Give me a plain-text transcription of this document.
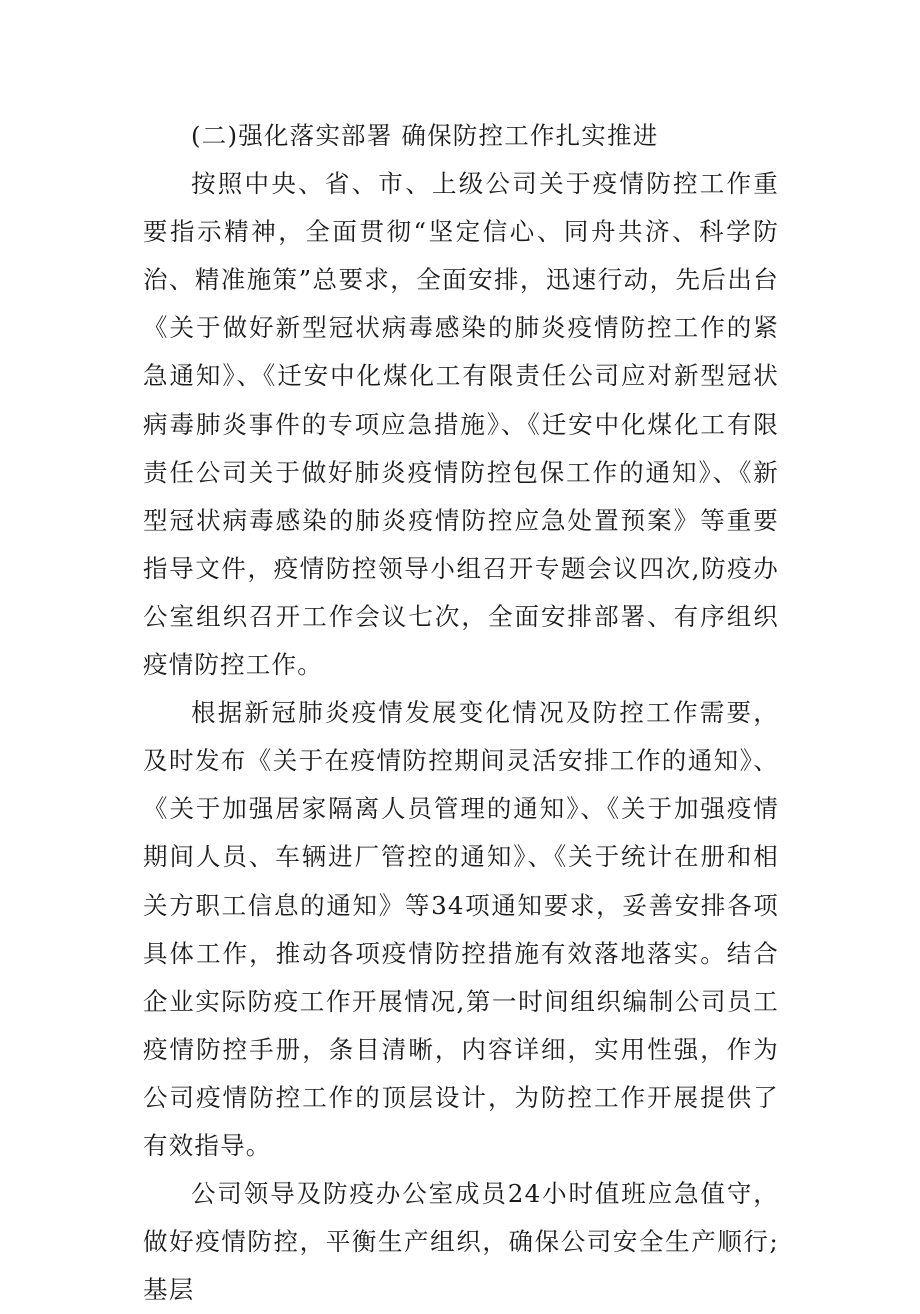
(二)强化落实部署 确保防控工作扎实推进

按照中央、省、市、上级公司关于疫情防控工作重要指示精神，全面贯彻“坚定信心、同舟共济、科学防治、精准施策”总要求，全面安排，迅速行动，先后出台《关于做好新型冠状病毒感染的肺炎疫情防控工作的紧急通知》、《迁安中化煤化工有限责任公司应对新型冠状病毒肺炎事件的专项应急措施》、《迁安中化煤化工有限责任公司关于做好肺炎疫情防控包保工作的通知》、《新型冠状病毒感染的肺炎疫情防控应急处置预案》等重要指导文件，疫情防控领导小组召开专题会议四次,防疫办公室组织召开工作会议七次，全面安排部署、有序组织疫情防控工作。

根据新冠肺炎疫情发展变化情况及防控工作需要，及时发布《关于在疫情防控期间灵活安排工作的通知》、《关于加强居家隔离人员管理的通知》、《关于加强疫情期间人员、车辆进厂管控的通知》、《关于统计在册和相关方职工信息的通知》等34项通知要求，妥善安排各项具体工作，推动各项疫情防控措施有效落地落实。结合企业实际防疫工作开展情况,第一时间组织编制公司员工疫情防控手册，条目清晰，内容详细，实用性强，作为公司疫情防控工作的顶层设计，为防控工作开展提供了有效指导。

公司领导及防疫办公室成员24小时值班应急值守，做好疫情防控，平衡生产组织，确保公司安全生产顺行;基层
